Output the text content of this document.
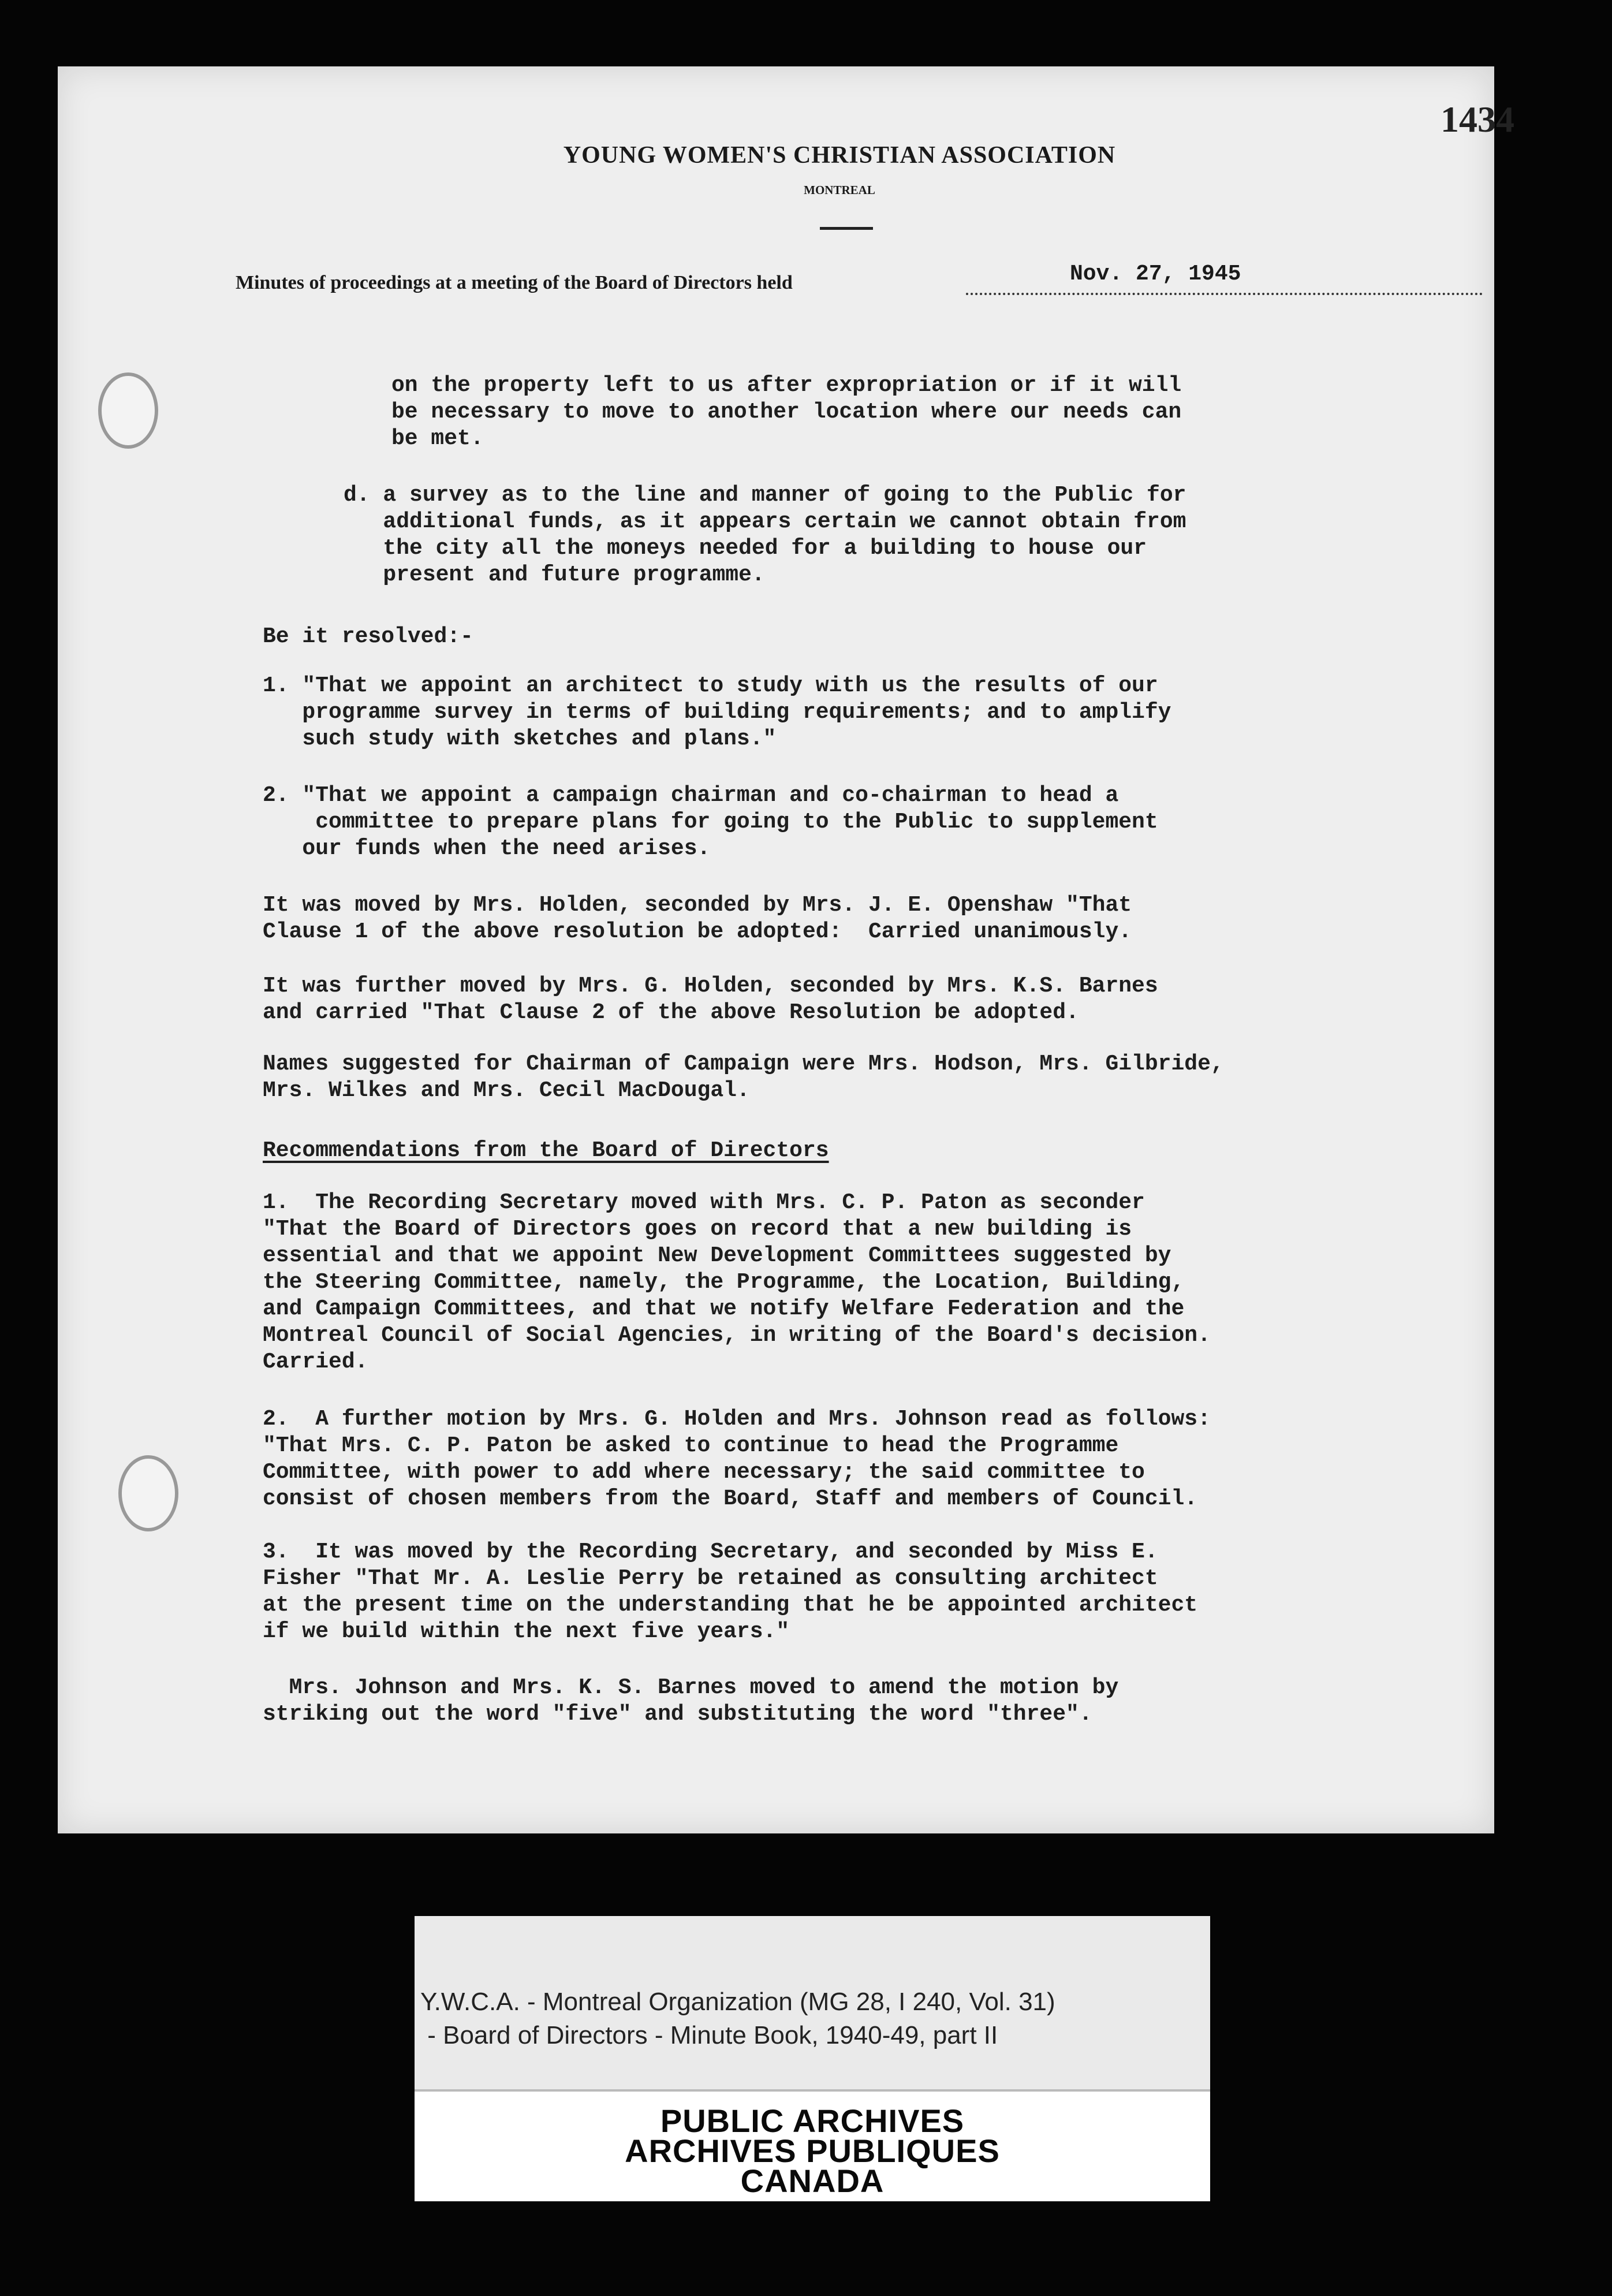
1434
YOUNG WOMEN'S CHRISTIAN ASSOCIATION
MONTREAL
Minutes of proceedings at a meeting of the Board of Directors held	Nov. 27, 1945
on the property left to us after expropriation or if it will
be necessary to move to another location where our needs can
be met.
d. a survey as to the line and manner of going to the Public for
additional funds, as it appears certain we cannot obtain from
the city all the moneys needed for a building to house our
present and future programme.
Be it resolved:-
1. "That we appoint an architect to study with us the results of our
programme survey in terms of building requirements; and to amplify
such study with sketches and plans."
2. "That we appoint a campaign chairman and co-chairman to head a
committee to prepare plans for going to the Public to supplement
our funds when the need arises.
It was moved by Mrs. Holden, seconded by Mrs. J. E. Openshaw "That
Clause 1 of the above resolution be adopted:  Carried unanimously.
It was further moved by Mrs. G. Holden, seconded by Mrs. K.S. Barnes
and carried "That Clause 2 of the above Resolution be adopted.
Names suggested for Chairman of Campaign were Mrs. Hodson, Mrs. Gilbride,
Mrs. Wilkes and Mrs. Cecil MacDougal.
Recommendations from the Board of Directors
1.  The Recording Secretary moved with Mrs. C. P. Paton as seconder
"That the Board of Directors goes on record that a new building is
essential and that we appoint New Development Committees suggested by
the Steering Committee, namely, the Programme, the Location, Building,
and Campaign Committees, and that we notify Welfare Federation and the
Montreal Council of Social Agencies, in writing of the Board's decision.
Carried.
2.  A further motion by Mrs. G. Holden and Mrs. Johnson read as follows:
"That Mrs. C. P. Paton be asked to continue to head the Programme
Committee, with power to add where necessary; the said committee to
consist of chosen members from the Board, Staff and members of Council.
3.  It was moved by the Recording Secretary, and seconded by Miss E.
Fisher "That Mr. A. Leslie Perry be retained as consulting architect
at the present time on the understanding that he be appointed architect
if we build within the next five years."
Mrs. Johnson and Mrs. K. S. Barnes moved to amend the motion by
striking out the word "five" and substituting the word "three".
Y.W.C.A. - Montreal Organization (MG 28, I 240, Vol. 31)
- Board of Directors - Minute Book, 1940-49, part II
PUBLIC ARCHIVES
ARCHIVES PUBLIQUES
CANADA
